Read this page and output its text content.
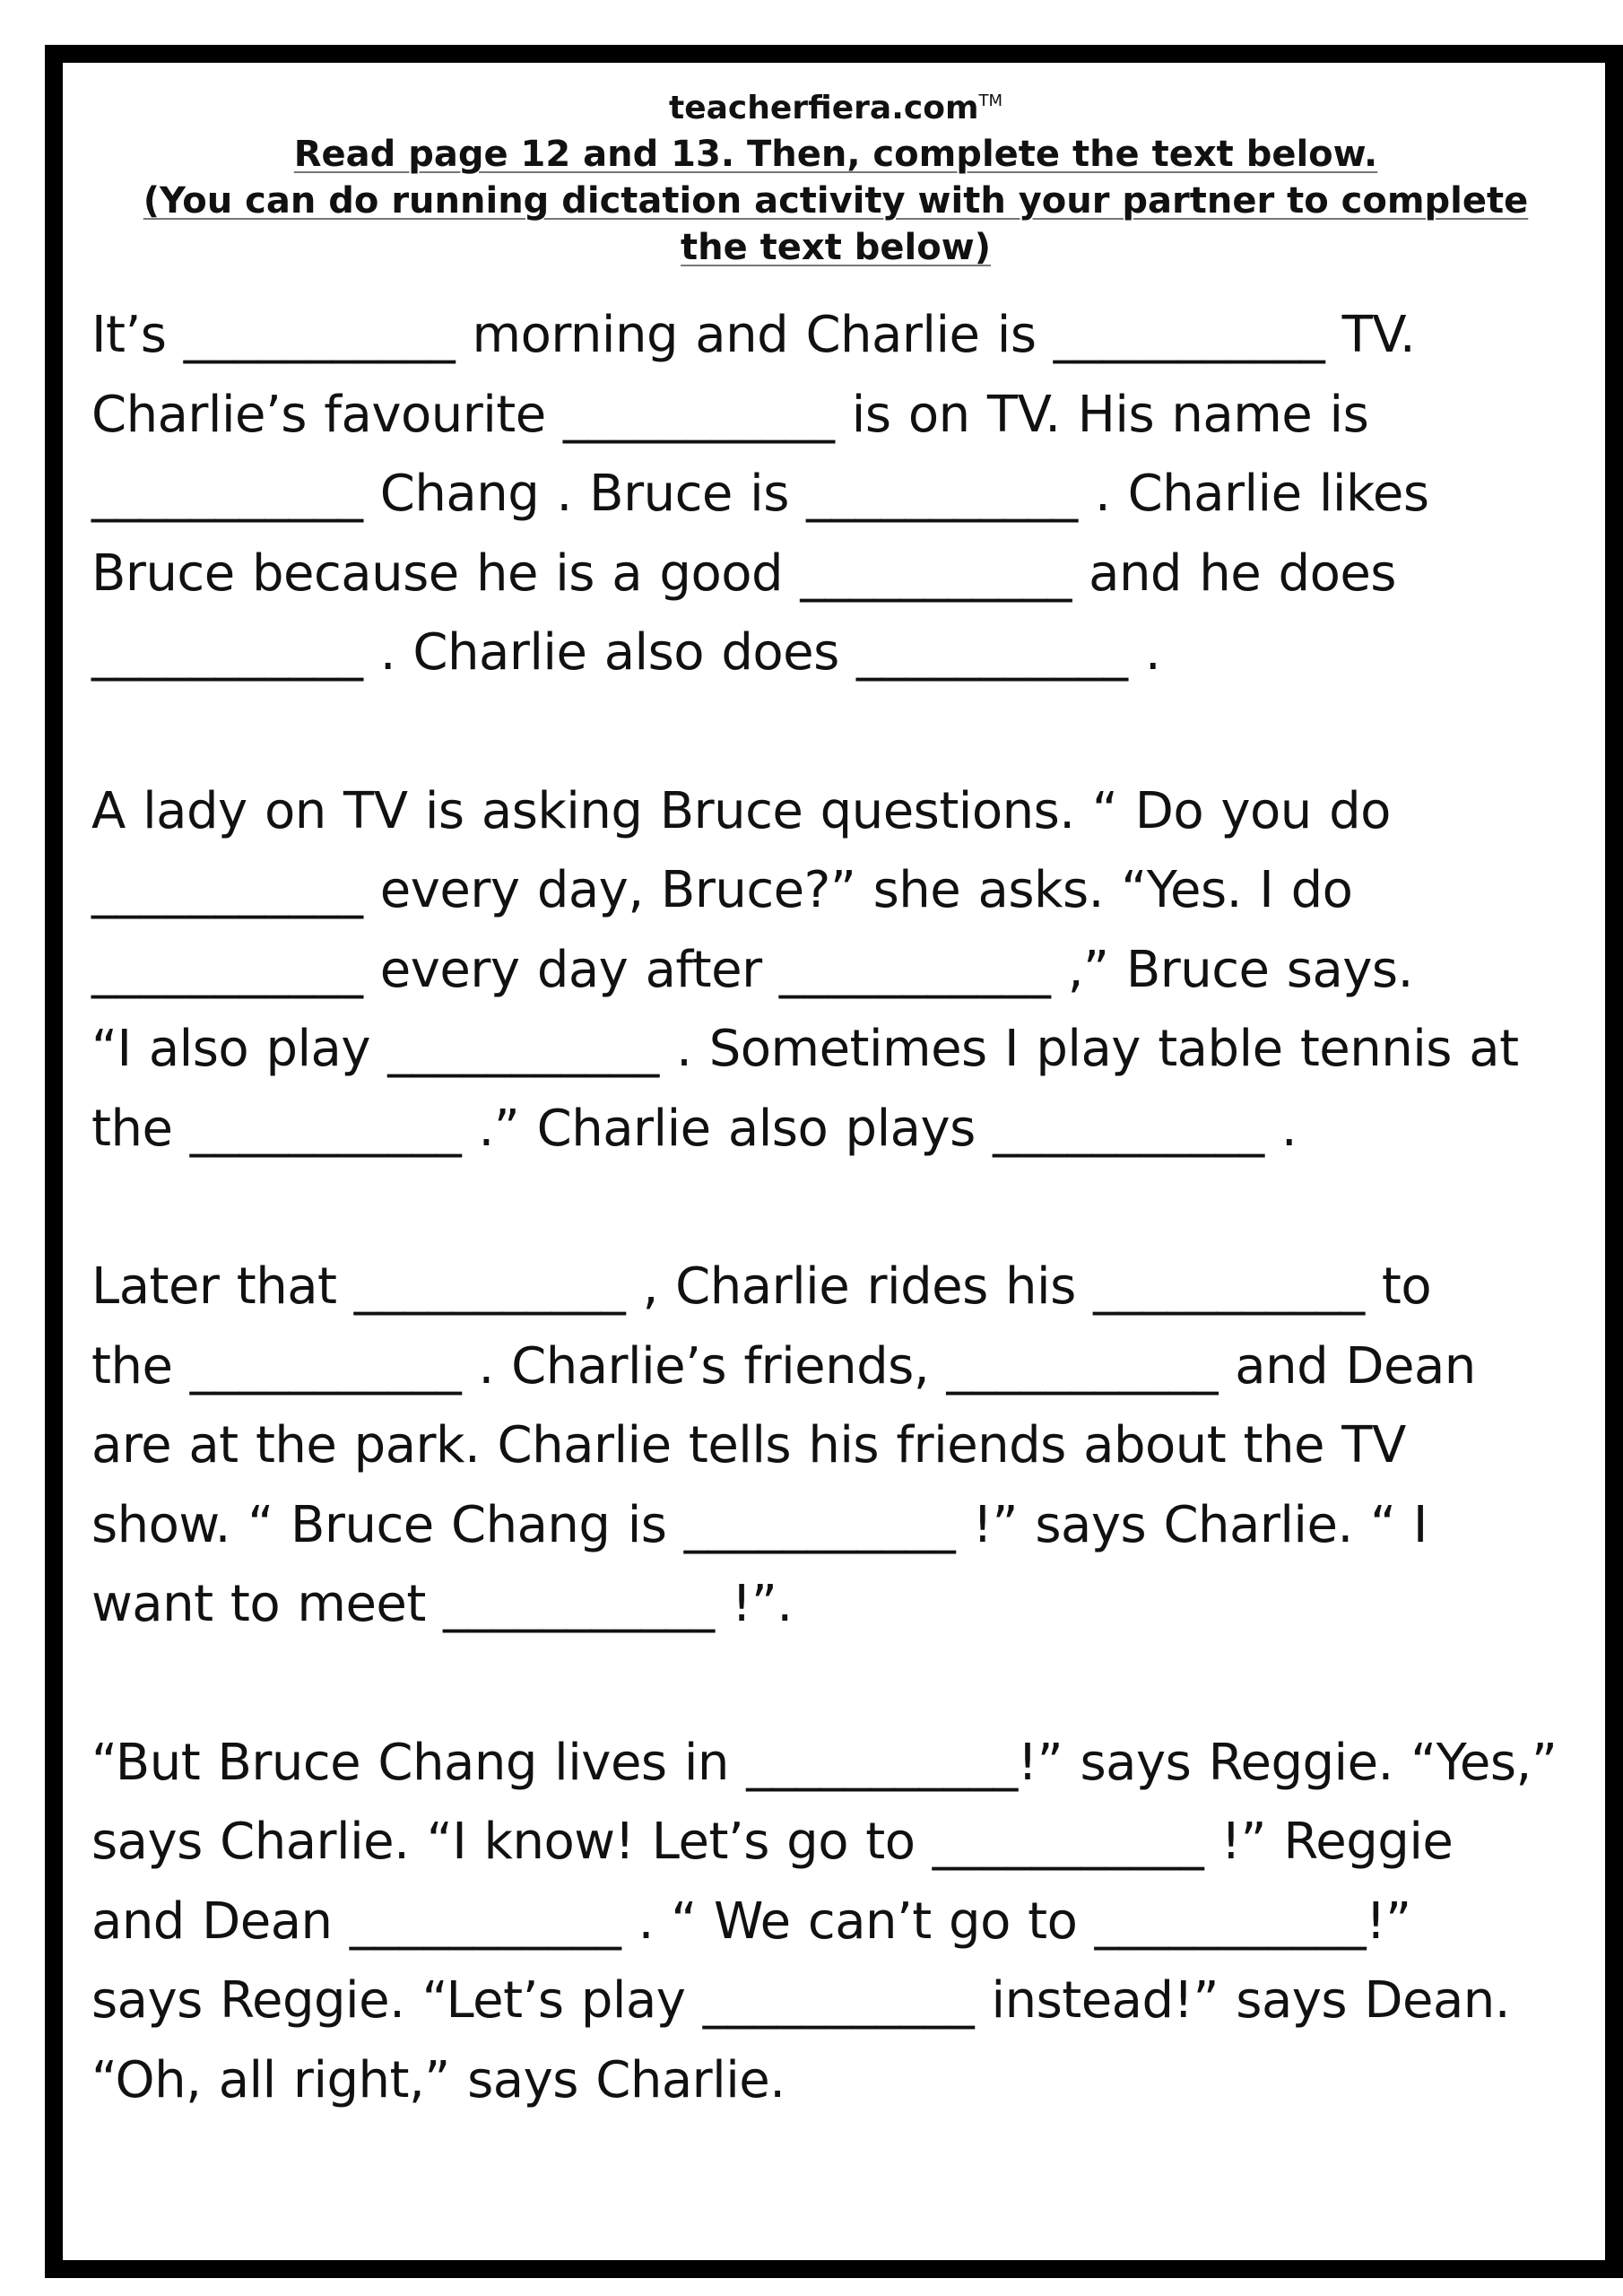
teacherfiera.com™

Read page 12 and 13. Then, complete the text below.

(You can do running dictation activity with your partner to complete

the text below)

It’s ___________ morning and Charlie is ___________ TV.
Charlie’s favourite ___________ is on TV. His name is
___________ Chang . Bruce is ___________ . Charlie likes
Bruce because he is a good ___________ and he does
___________ . Charlie also does ___________ .

A lady on TV is asking Bruce questions. “ Do you do
___________ every day, Bruce?” she asks. “Yes. I do
___________ every day after ___________ ,” Bruce says.
“I also play ___________ . Sometimes I play table tennis at
the ___________ .” Charlie also plays ___________ .

Later that ___________ , Charlie rides his ___________ to
the ___________ . Charlie’s friends, ___________ and Dean
are at the park. Charlie tells his friends about the TV
show. “ Bruce Chang is ___________ !” says Charlie. “ I
want to meet ___________ !”.

“But Bruce Chang lives in ___________!” says Reggie. “Yes,”
says Charlie. “I know! Let’s go to ___________ !” Reggie
and Dean ___________ . “ We can’t go to ___________!”
says Reggie. “Let’s play ___________ instead!” says Dean.
“Oh, all right,” says Charlie.
